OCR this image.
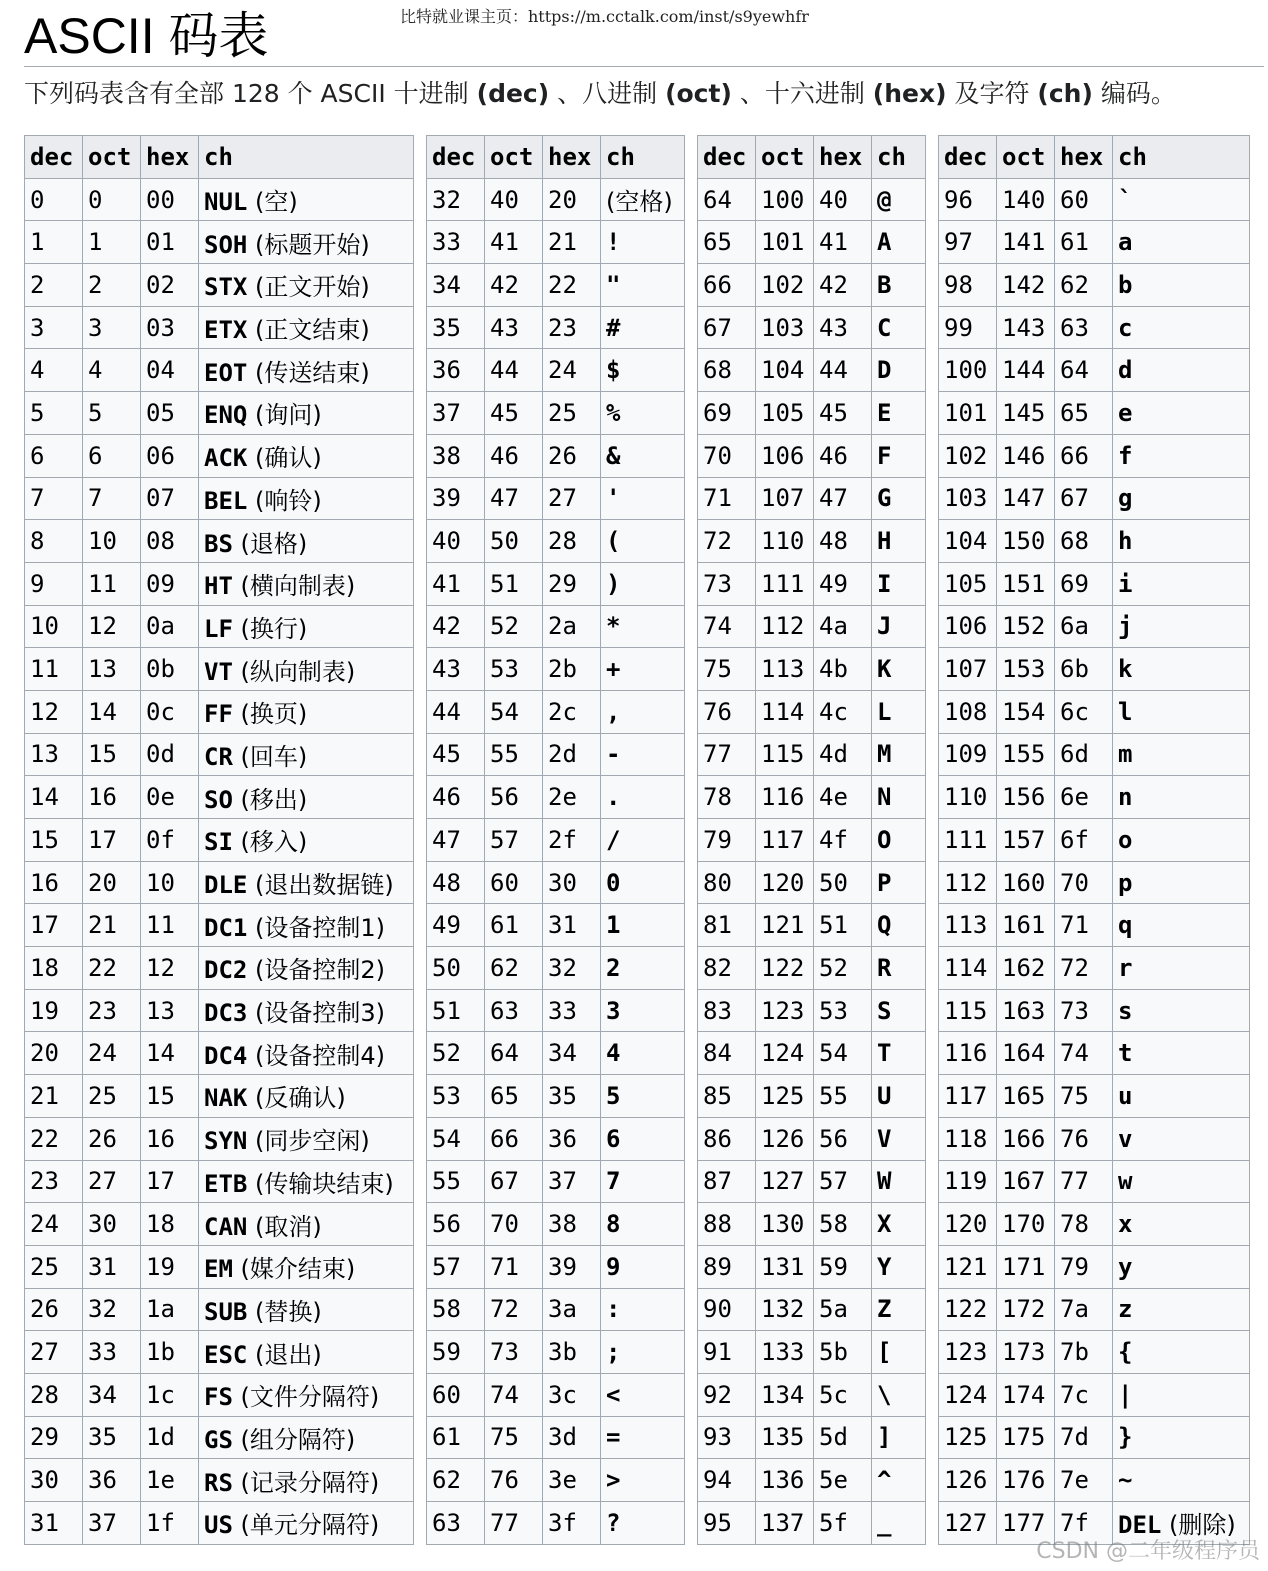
比特就业课主页：https://m.cctalk.com/inst/s9yewhfr
ASCII 码表

下列码表含有全部 128 个 ASCII 十进制 (dec) 、八进制 (oct) 、十六进制 (hex) 及字符 (ch) 编码。

dec	oct	hex	ch
0	0	00	NUL (空)
1	1	01	SOH (标题开始)
2	2	02	STX (正文开始)
3	3	03	ETX (正文结束)
4	4	04	EOT (传送结束)
5	5	05	ENQ (询问)
6	6	06	ACK (确认)
7	7	07	BEL (响铃)
8	10	08	BS (退格)
9	11	09	HT (横向制表)
10	12	0a	LF (换行)
11	13	0b	VT (纵向制表)
12	14	0c	FF (换页)
13	15	0d	CR (回车)
14	16	0e	SO (移出)
15	17	0f	SI (移入)
16	20	10	DLE (退出数据链)
17	21	11	DC1 (设备控制1)
18	22	12	DC2 (设备控制2)
19	23	13	DC3 (设备控制3)
20	24	14	DC4 (设备控制4)
21	25	15	NAK (反确认)
22	26	16	SYN (同步空闲)
23	27	17	ETB (传输块结束)
24	30	18	CAN (取消)
25	31	19	EM (媒介结束)
26	32	1a	SUB (替换)
27	33	1b	ESC (退出)
28	34	1c	FS (文件分隔符)
29	35	1d	GS (组分隔符)
30	36	1e	RS (记录分隔符)
31	37	1f	US (单元分隔符)
dec	oct	hex	ch
32	40	20	(空格)
33	41	21	!
34	42	22	"
35	43	23	#
36	44	24	$
37	45	25	%
38	46	26	&
39	47	27	'
40	50	28	(
41	51	29	)
42	52	2a	*
43	53	2b	+
44	54	2c	,
45	55	2d	-
46	56	2e	.
47	57	2f	/
48	60	30	0
49	61	31	1
50	62	32	2
51	63	33	3
52	64	34	4
53	65	35	5
54	66	36	6
55	67	37	7
56	70	38	8
57	71	39	9
58	72	3a	:
59	73	3b	;
60	74	3c	<
61	75	3d	=
62	76	3e	>
63	77	3f	?
dec	oct	hex	ch
64	100	40	@
65	101	41	A
66	102	42	B
67	103	43	C
68	104	44	D
69	105	45	E
70	106	46	F
71	107	47	G
72	110	48	H
73	111	49	I
74	112	4a	J
75	113	4b	K
76	114	4c	L
77	115	4d	M
78	116	4e	N
79	117	4f	O
80	120	50	P
81	121	51	Q
82	122	52	R
83	123	53	S
84	124	54	T
85	125	55	U
86	126	56	V
87	127	57	W
88	130	58	X
89	131	59	Y
90	132	5a	Z
91	133	5b	[
92	134	5c	\
93	135	5d	]
94	136	5e	^
95	137	5f	_
dec	oct	hex	ch
96	140	60	`
97	141	61	a
98	142	62	b
99	143	63	c
100	144	64	d
101	145	65	e
102	146	66	f
103	147	67	g
104	150	68	h
105	151	69	i
106	152	6a	j
107	153	6b	k
108	154	6c	l
109	155	6d	m
110	156	6e	n
111	157	6f	o
112	160	70	p
113	161	71	q
114	162	72	r
115	163	73	s
116	164	74	t
117	165	75	u
118	166	76	v
119	167	77	w
120	170	78	x
121	171	79	y
122	172	7a	z
123	173	7b	{
124	174	7c	|
125	175	7d	}
126	176	7e	~
127	177	7f	DEL (删除)
CSDN @二年级程序员
